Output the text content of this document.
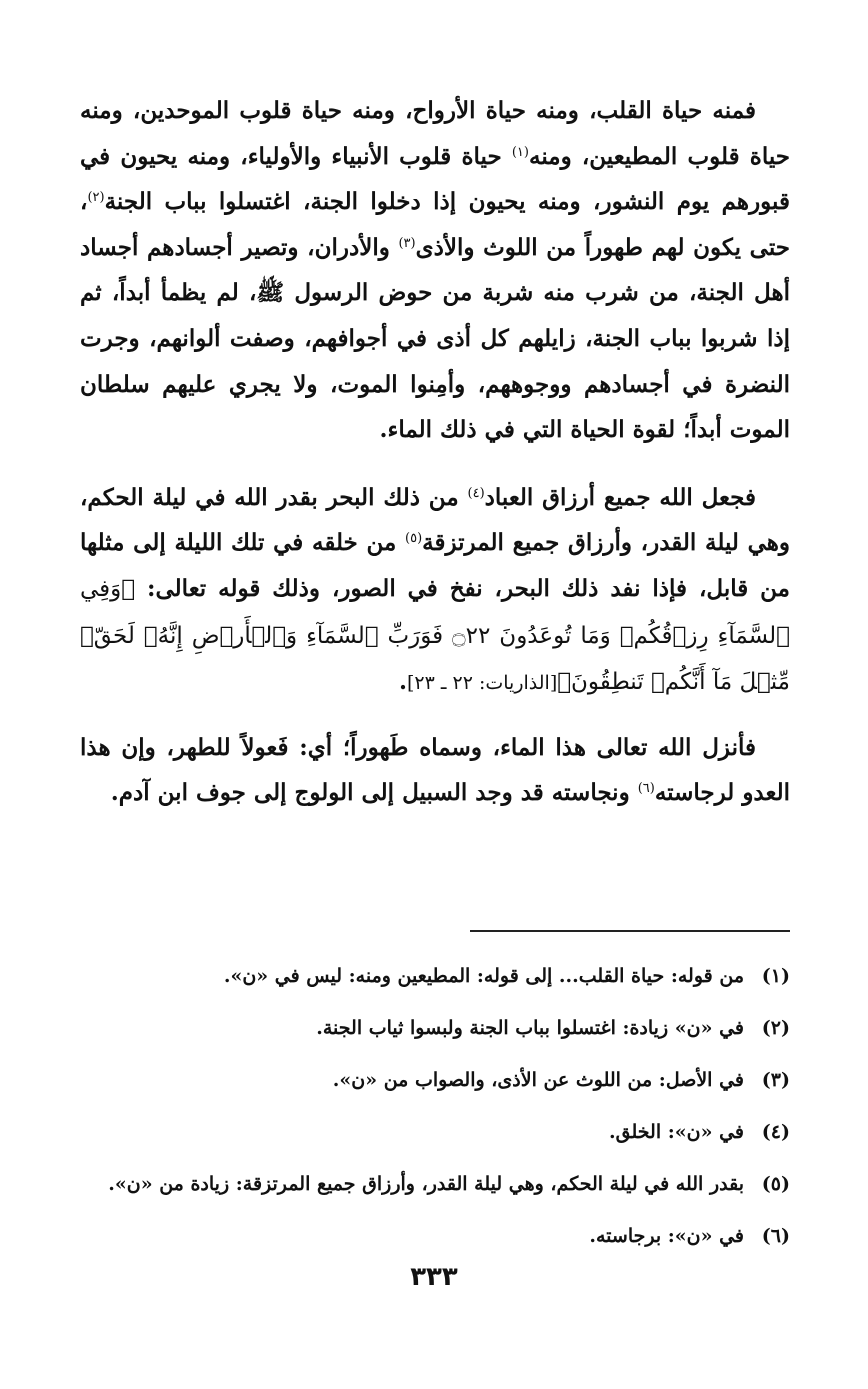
فمنه حياة القلب، ومنه حياة الأرواح، ومنه حياة قلوب الموحدين، ومنه حياة قلوب المطيعين، ومنه$^{(١)}$ حياة قلوب الأنبياء والأولياء، ومنه يحيون في قبورهم يوم النشور، ومنه يحيون إذا دخلوا الجنة، اغتسلوا بباب الجنة$^{(٢)}$، حتى يكون لهم طهوراً من اللوث والأذى$^{(٣)}$ والأدران، وتصير أجسادهم أجساد أهل الجنة، من شرب منه شربة من حوض الرسول ﷺ، لم يظمأ أبداً، ثم إذا شربوا بباب الجنة، زايلهم كل أذى في أجوافهم، وصفت ألوانهم، وجرت النضرة في أجسادهم ووجوههم، وأمِنوا الموت، ولا يجري عليهم سلطان الموت أبداً؛ لقوة الحياة التي في ذلك الماء.

فجعل الله جميع أرزاق العباد$^{(٤)}$ من ذلك البحر بقدر الله في ليلة الحكم، وهي ليلة القدر، وأرزاق جميع المرتزقة$^{(٥)}$ من خلقه في تلك الليلة إلى مثلها من قابل، فإذا نفد ذلك البحر، نفخ في الصور، وذلك قوله تعالى: ﴿وَفِي ٱلسَّمَآءِ رِزۡقُكُمۡ وَمَا تُوعَدُونَ ۝٢٢ فَوَرَبِّ ٱلسَّمَآءِ وَٱلۡأَرۡضِ إِنَّهُۥ لَحَقّٞ مِّثۡلَ مَآ أَنَّكُمۡ تَنطِقُونَ﴾[الذاريات: ٢٢ ـ ٢٣].

فأنزل الله تعالى هذا الماء، وسماه طَهوراً؛ أي: فَعولاً للطهر، وإن هذا العدو لرجاسته$^{(٦)}$ ونجاسته قد وجد السبيل إلى الولوج إلى جوف ابن آدم.

(١)
من قوله: حياة القلب... إلى قوله: المطيعين ومنه: ليس في «ن».
(٢)
في «ن» زيادة: اغتسلوا بباب الجنة ولبسوا ثياب الجنة.
(٣)
في الأصل: من اللوث عن الأذى، والصواب من «ن».
(٤)
في «ن»: الخلق.
(٥)
بقدر الله في ليلة الحكم، وهي ليلة القدر، وأرزاق جميع المرتزقة: زيادة من «ن».
(٦)
في «ن»: برجاسته.
٣٣٣
